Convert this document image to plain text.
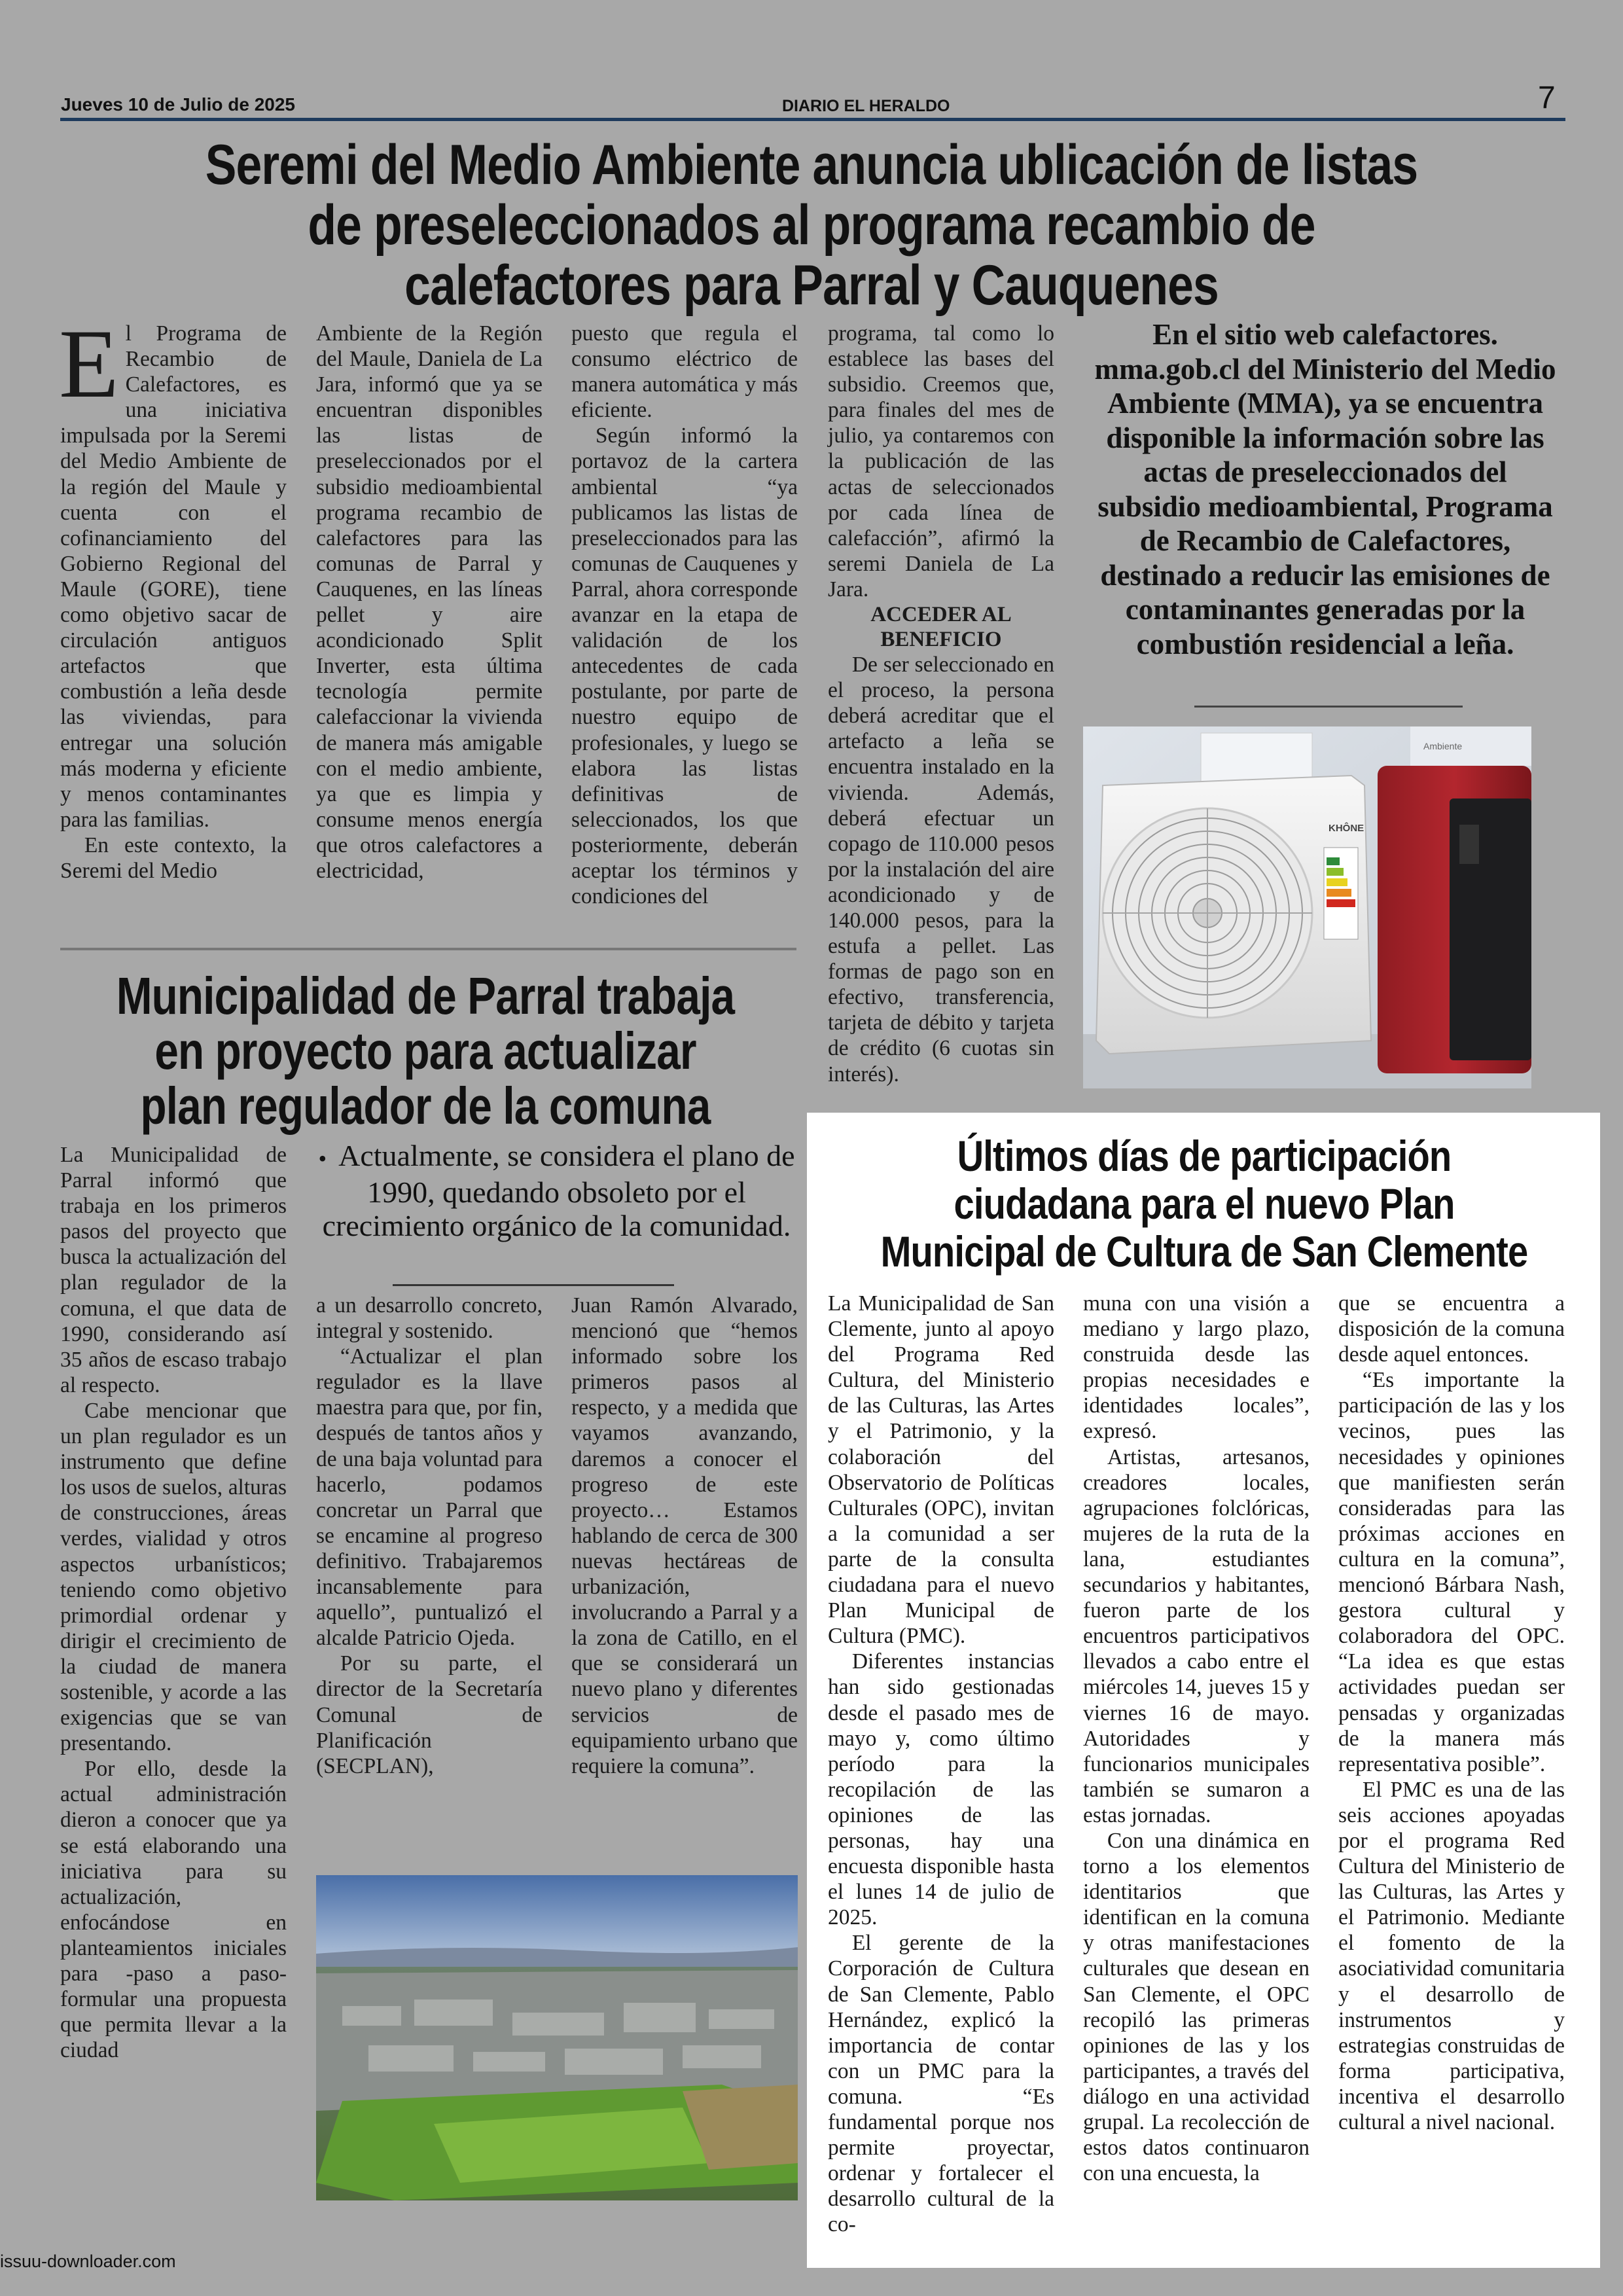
Jueves 10 de Julio de 2025	DIARIO EL HERALDO	7
Seremi del Medio Ambiente anuncia ublicación de listas de preseleccionados al programa recambio de calefactores para Parral y Cauquenes

El Programa de Recambio de Calefactores, es una iniciativa impulsada por la Seremi del Medio Ambiente de la región del Maule y cuenta con el cofinanciamiento del Gobierno Regional del Maule (GORE), tiene como objetivo sacar de circulación antiguos artefactos que combustión a leña desde las viviendas, para entregar una solución más moderna y eficiente y menos contaminantes para las familias.

En este contexto, la Seremi del Medio

Ambiente de la Región del Maule, Daniela de La Jara, informó que ya se encuentran disponibles las listas de preseleccionados por el subsidio medioambiental programa recambio de calefactores para las comunas de Parral y Cauquenes, en las líneas pellet y aire acondicionado Split Inverter, esta última tecnología permite calefaccionar la vivienda de manera más amigable con el medio ambiente, ya que es limpia y consume menos energía que otros calefactores a electricidad,

puesto que regula el consumo eléctrico de manera automática y más eficiente.

Según informó la portavoz de la cartera ambiental “ya publicamos las listas de preseleccionados para las comunas de Cauquenes y Parral, ahora corresponde avanzar en la etapa de validación de los antecedentes de cada postulante, por parte de nuestro equipo de profesionales, y luego se elabora las listas definitivas de seleccionados, los que posteriormente, deberán aceptar los términos y condiciones del

programa, tal como lo establece las bases del subsidio. Creemos que, para finales del mes de julio, ya contaremos con la publicación de las actas de seleccionados por cada línea de calefacción”, afirmó la seremi Daniela de La Jara.

ACCEDER AL BENEFICIO

De ser seleccionado en el proceso, la persona deberá acreditar que el artefacto a leña se encuentra instalado en la vivienda. Además, deberá efectuar un copago de 110.000 pesos por la instalación del aire acondicionado y de 140.000 pesos, para la estufa a pellet. Las formas de pago son en efectivo, transferencia, tarjeta de débito y tarjeta de crédito (6 cuotas sin interés).

En el sitio web calefactores. mma.gob.cl del Ministerio del Medio Ambiente (MMA), ya se encuentra disponible la información sobre las actas de preseleccionados del subsidio medioambiental, Programa de Recambio de Calefactores, destinado a reducir las emisiones de contaminantes generadas por la combustión residencial a leña.
Ambiente
KHÔNE
Municipalidad de Parral trabaja en proyecto para actualizar plan regulador de la comuna

La Municipalidad de Parral informó que trabaja en los primeros pasos del proyecto que busca la actualización del plan regulador de la comuna, el que data de 1990, considerando así 35 años de escaso trabajo al respecto.

Cabe mencionar que un plan regulador es un instrumento que define los usos de suelos, alturas de construcciones, áreas verdes, vialidad y otros aspectos urbanísticos; teniendo como objetivo primordial ordenar y dirigir el crecimiento de la ciudad de manera sostenible, y acorde a las exigencias que se van presentando.

Por ello, desde la actual administración dieron a conocer que ya se está elaborando una iniciativa para su actualización, enfocándose en planteamientos iniciales para -paso a paso- formular una propuesta que permita llevar a la ciudad

•  Actualmente, se considera el plano de 1990, quedando obsoleto por el crecimiento orgánico de la comunidad.

a un desarrollo concreto, integral y sostenido.

“Actualizar el plan regulador es la llave maestra para que, por fin, después de tantos años y de una baja voluntad para hacerlo, podamos concretar un Parral que se encamine al progreso definitivo. Trabajaremos incansablemente para aquello”, puntualizó el alcalde Patricio Ojeda.

Por su parte, el director de la Secretaría Comunal de Planificación (SECPLAN),

Juan Ramón Alvarado, mencionó que “hemos informado sobre los primeros pasos al respecto, y a medida que vayamos avanzando, daremos a conocer el progreso de este proyecto… Estamos hablando de cerca de 300 nuevas hectáreas de urbanización, involucrando a Parral y a la zona de Catillo, en el que se considerará un nuevo plano y diferentes servicios de equipamiento urbano que requiere la comuna”.

Últimos días de participación ciudadana para el nuevo Plan Municipal de Cultura de San Clemente

La Municipalidad de San Clemente, junto al apoyo del Programa Red Cultura, del Ministerio de las Culturas, las Artes y el Patrimonio, y la colaboración del Observatorio de Políticas Culturales (OPC), invitan a la comunidad a ser parte de la consulta ciudadana para el nuevo Plan Municipal de Cultura (PMC).

Diferentes instancias han sido gestionadas desde el pasado mes de mayo y, como último período para la recopilación de las opiniones de las personas, hay una encuesta disponible hasta el lunes 14 de julio de 2025.

El gerente de la Corporación de Cultura de San Clemente, Pablo Hernández, explicó la importancia de contar con un PMC para la comuna. “Es fundamental porque nos permite proyectar, ordenar y fortalecer el desarrollo cultural de la co-

muna con una visión a mediano y largo plazo, construida desde las propias necesidades e identidades locales”, expresó.

Artistas, artesanos, creadores locales, agrupaciones folclóricas, mujeres de la ruta de la lana, estudiantes secundarios y habitantes, fueron parte de los encuentros participativos llevados a cabo entre el miércoles 14, jueves 15 y viernes 16 de mayo. Autoridades y funcionarios municipales también se sumaron a estas jornadas.

Con una dinámica en torno a los elementos identitarios que identifican en la comuna y otras manifestaciones culturales que desean en San Clemente, el OPC recopiló las primeras opiniones de las y los participantes, a través del diálogo en una actividad grupal. La recolección de estos datos continuaron con una encuesta, la

que se encuentra a disposición de la comuna desde aquel entonces.

“Es importante la participación de las y los vecinos, pues las necesidades y opiniones que manifiesten serán consideradas para las próximas acciones en cultura en la comuna”, mencionó Bárbara Nash, gestora cultural y colaboradora del OPC. “La idea es que estas actividades puedan ser pensadas y organizadas de la manera más representativa posible”.

El PMC es una de las seis acciones apoyadas por el programa Red Cultura del Ministerio de las Culturas, las Artes y el Patrimonio. Mediante el fomento de la asociatividad comunitaria y el desarrollo de instrumentos y estrategias construidas de forma participativa, incentiva el desarrollo cultural a nivel nacional.

issuu-downloader.com
